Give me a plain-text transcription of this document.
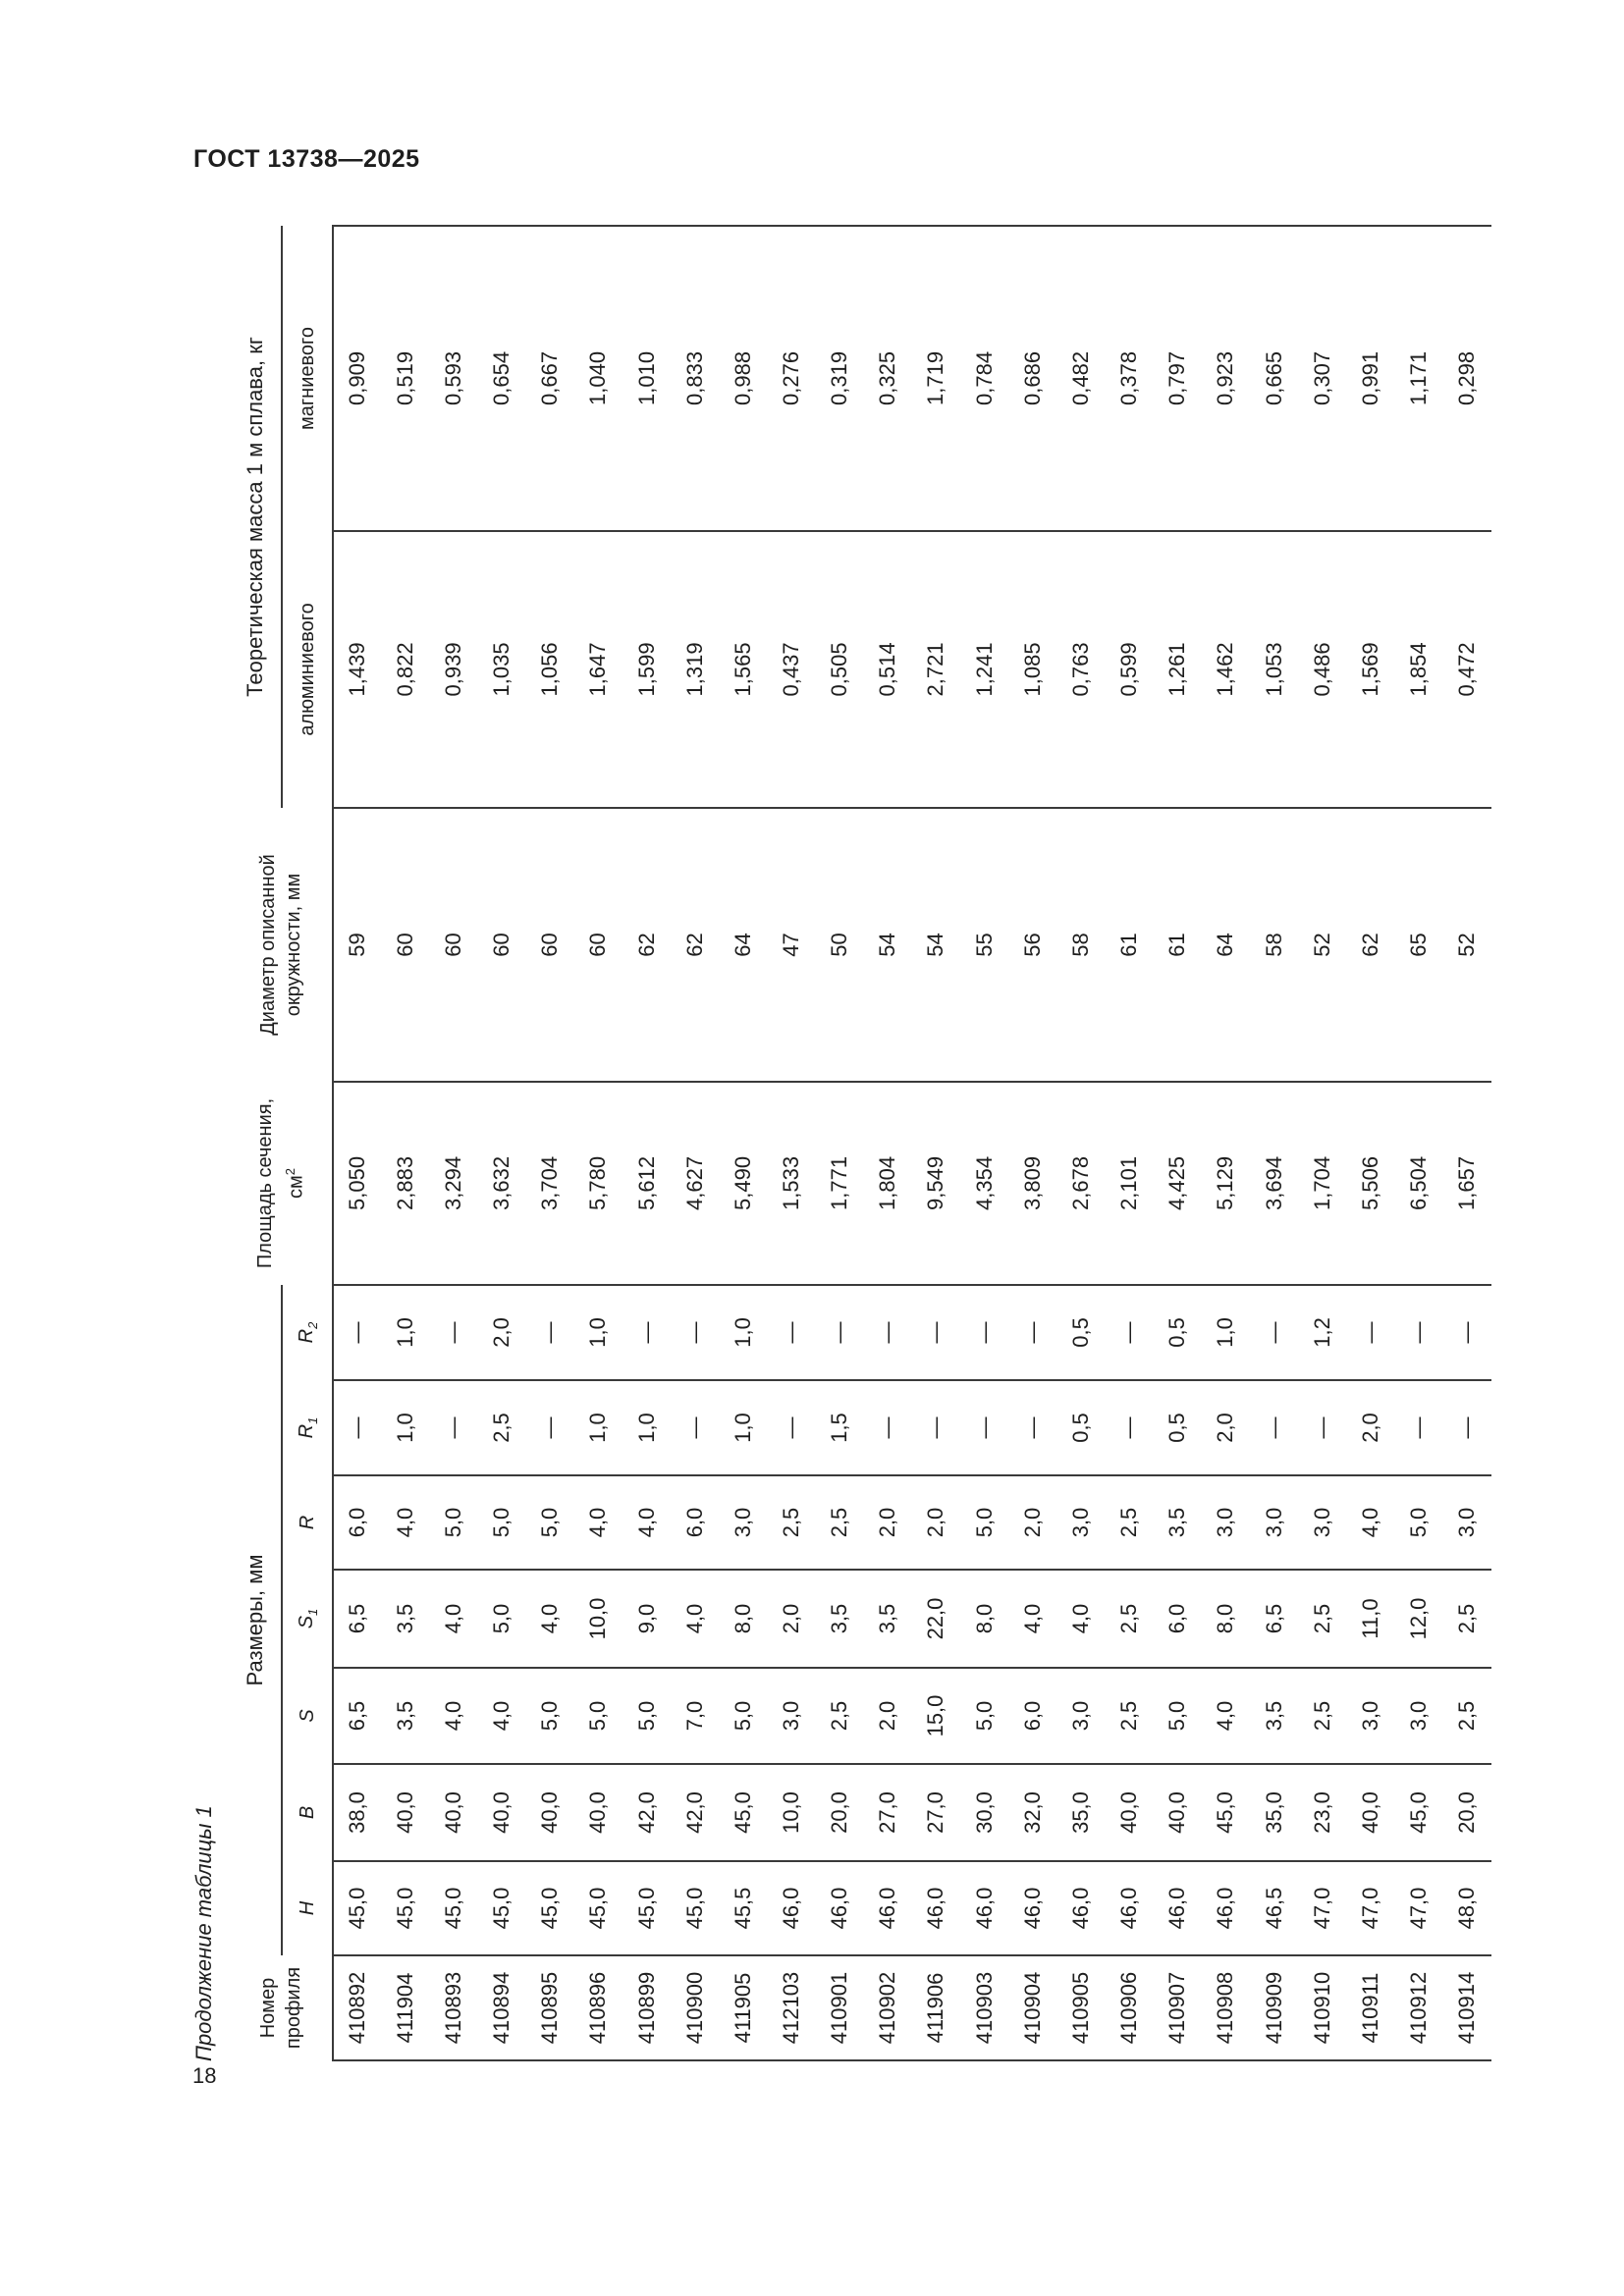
ГОСТ 13738—2025
Продолжение таблицы 1	Номер профиля	Размеры, мм							Площадь сечения, $см^2$	Диаметр описанной окружности, мм	Теоретическая масса 1 м сплава, кг	
	H	B	S	$S_1$	R	$R_1$	$R_2$			алюминиевого	магниевого
410892	45,0	38,0	6,5	6,5	6,0	—	—	5,050	59	1,439	0,909
411904	45,0	40,0	3,5	3,5	4,0	1,0	1,0	2,883	60	0,822	0,519
410893	45,0	40,0	4,0	4,0	5,0	—	—	3,294	60	0,939	0,593
410894	45,0	40,0	4,0	5,0	5,0	2,5	2,0	3,632	60	1,035	0,654
410895	45,0	40,0	5,0	4,0	5,0	—	—	3,704	60	1,056	0,667
410896	45,0	40,0	5,0	10,0	4,0	1,0	1,0	5,780	60	1,647	1,040
410899	45,0	42,0	5,0	9,0	4,0	1,0	—	5,612	62	1,599	1,010
410900	45,0	42,0	7,0	4,0	6,0	—	—	4,627	62	1,319	0,833
411905	45,5	45,0	5,0	8,0	3,0	1,0	1,0	5,490	64	1,565	0,988
412103	46,0	10,0	3,0	2,0	2,5	—	—	1,533	47	0,437	0,276
410901	46,0	20,0	2,5	3,5	2,5	1,5	—	1,771	50	0,505	0,319
410902	46,0	27,0	2,0	3,5	2,0	—	—	1,804	54	0,514	0,325
411906	46,0	27,0	15,0	22,0	2,0	—	—	9,549	54	2,721	1,719
410903	46,0	30,0	5,0	8,0	5,0	—	—	4,354	55	1,241	0,784
410904	46,0	32,0	6,0	4,0	2,0	—	—	3,809	56	1,085	0,686
410905	46,0	35,0	3,0	4,0	3,0	0,5	0,5	2,678	58	0,763	0,482
410906	46,0	40,0	2,5	2,5	2,5	—	—	2,101	61	0,599	0,378
410907	46,0	40,0	5,0	6,0	3,5	0,5	0,5	4,425	61	1,261	0,797
410908	46,0	45,0	4,0	8,0	3,0	2,0	1,0	5,129	64	1,462	0,923
410909	46,5	35,0	3,5	6,5	3,0	—	—	3,694	58	1,053	0,665
410910	47,0	23,0	2,5	2,5	3,0	—	1,2	1,704	52	0,486	0,307
410911	47,0	40,0	3,0	11,0	4,0	2,0	—	5,506	62	1,569	0,991
410912	47,0	45,0	3,0	12,0	5,0	—	—	6,504	65	1,854	1,171
410914	48,0	20,0	2,5	2,5	3,0	—	—	1,657	52	0,472	0,298
18
